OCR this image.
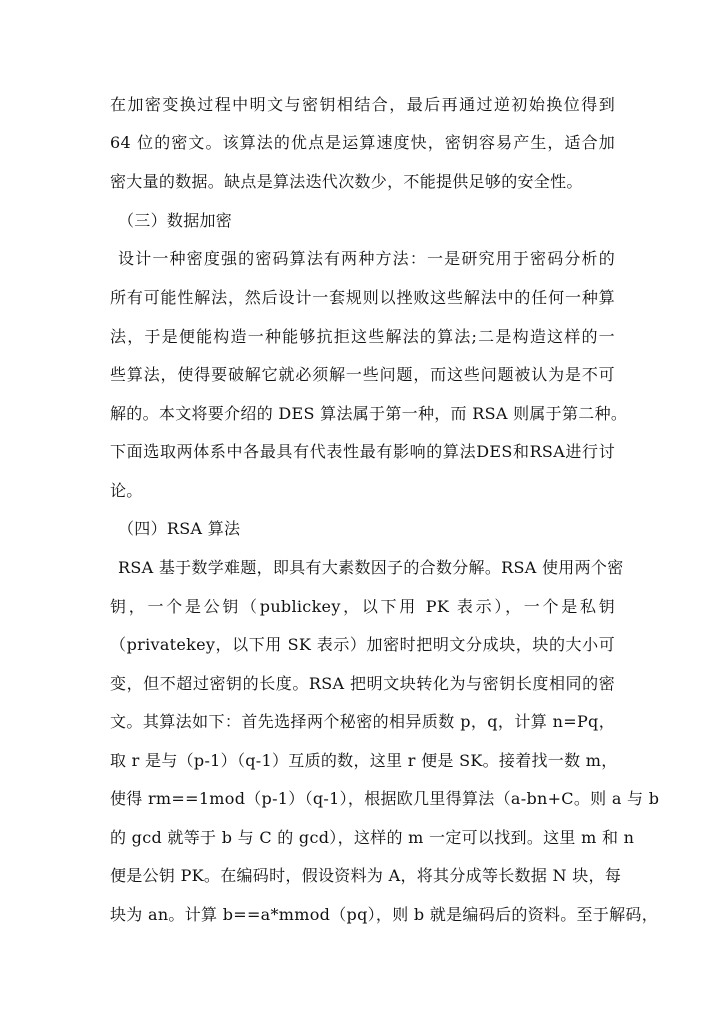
在加密变换过程中明文与密钥相结合，最后再通过逆初始换位得到
64 位的密文。该算法的优点是运算速度快，密钥容易产生，适合加
密大量的数据。缺点是算法迭代次数少，不能提供足够的安全性。
（三）数据加密
设计一种密度强的密码算法有两种方法：一是研究用于密码分析的
所有可能性解法，然后设计一套规则以挫败这些解法中的任何一种算
法，于是便能构造一种能够抗拒这些解法的算法;二是构造这样的一
些算法，使得要破解它就必须解一些问题，而这些问题被认为是不可
解的。本文将要介绍的 DES 算法属于第一种，而 RSA 则属于第二种。
下面选取两体系中各最具有代表性最有影响的算法DES和RSA进行讨
论。
（四）RSA 算法
RSA 基于数学难题，即具有大素数因子的合数分解。RSA 使用两个密
钥，一个是公钥（publickey，以下用 PK 表示），一个是私钥
（privatekey，以下用 SK 表示）加密时把明文分成块，块的大小可
变，但不超过密钥的长度。RSA 把明文块转化为与密钥长度相同的密
文。其算法如下：首先选择两个秘密的相异质数 p，q，计算 n=Pq，
取 r 是与（p-1）（q-1）互质的数，这里 r 便是 SK。接着找一数 m，
使得 rm==1mod（p-1）（q-1），根据欧几里得算法（a-bn+C。则 a 与 b
的 gcd 就等于 b 与 C 的 gcd），这样的 m 一定可以找到。这里 m 和 n
便是公钥 PK。在编码时，假设资料为 A，将其分成等长数据 N 块，每
块为 an。计算 b==a*mmod（pq），则 b 就是编码后的资料。至于解码，
